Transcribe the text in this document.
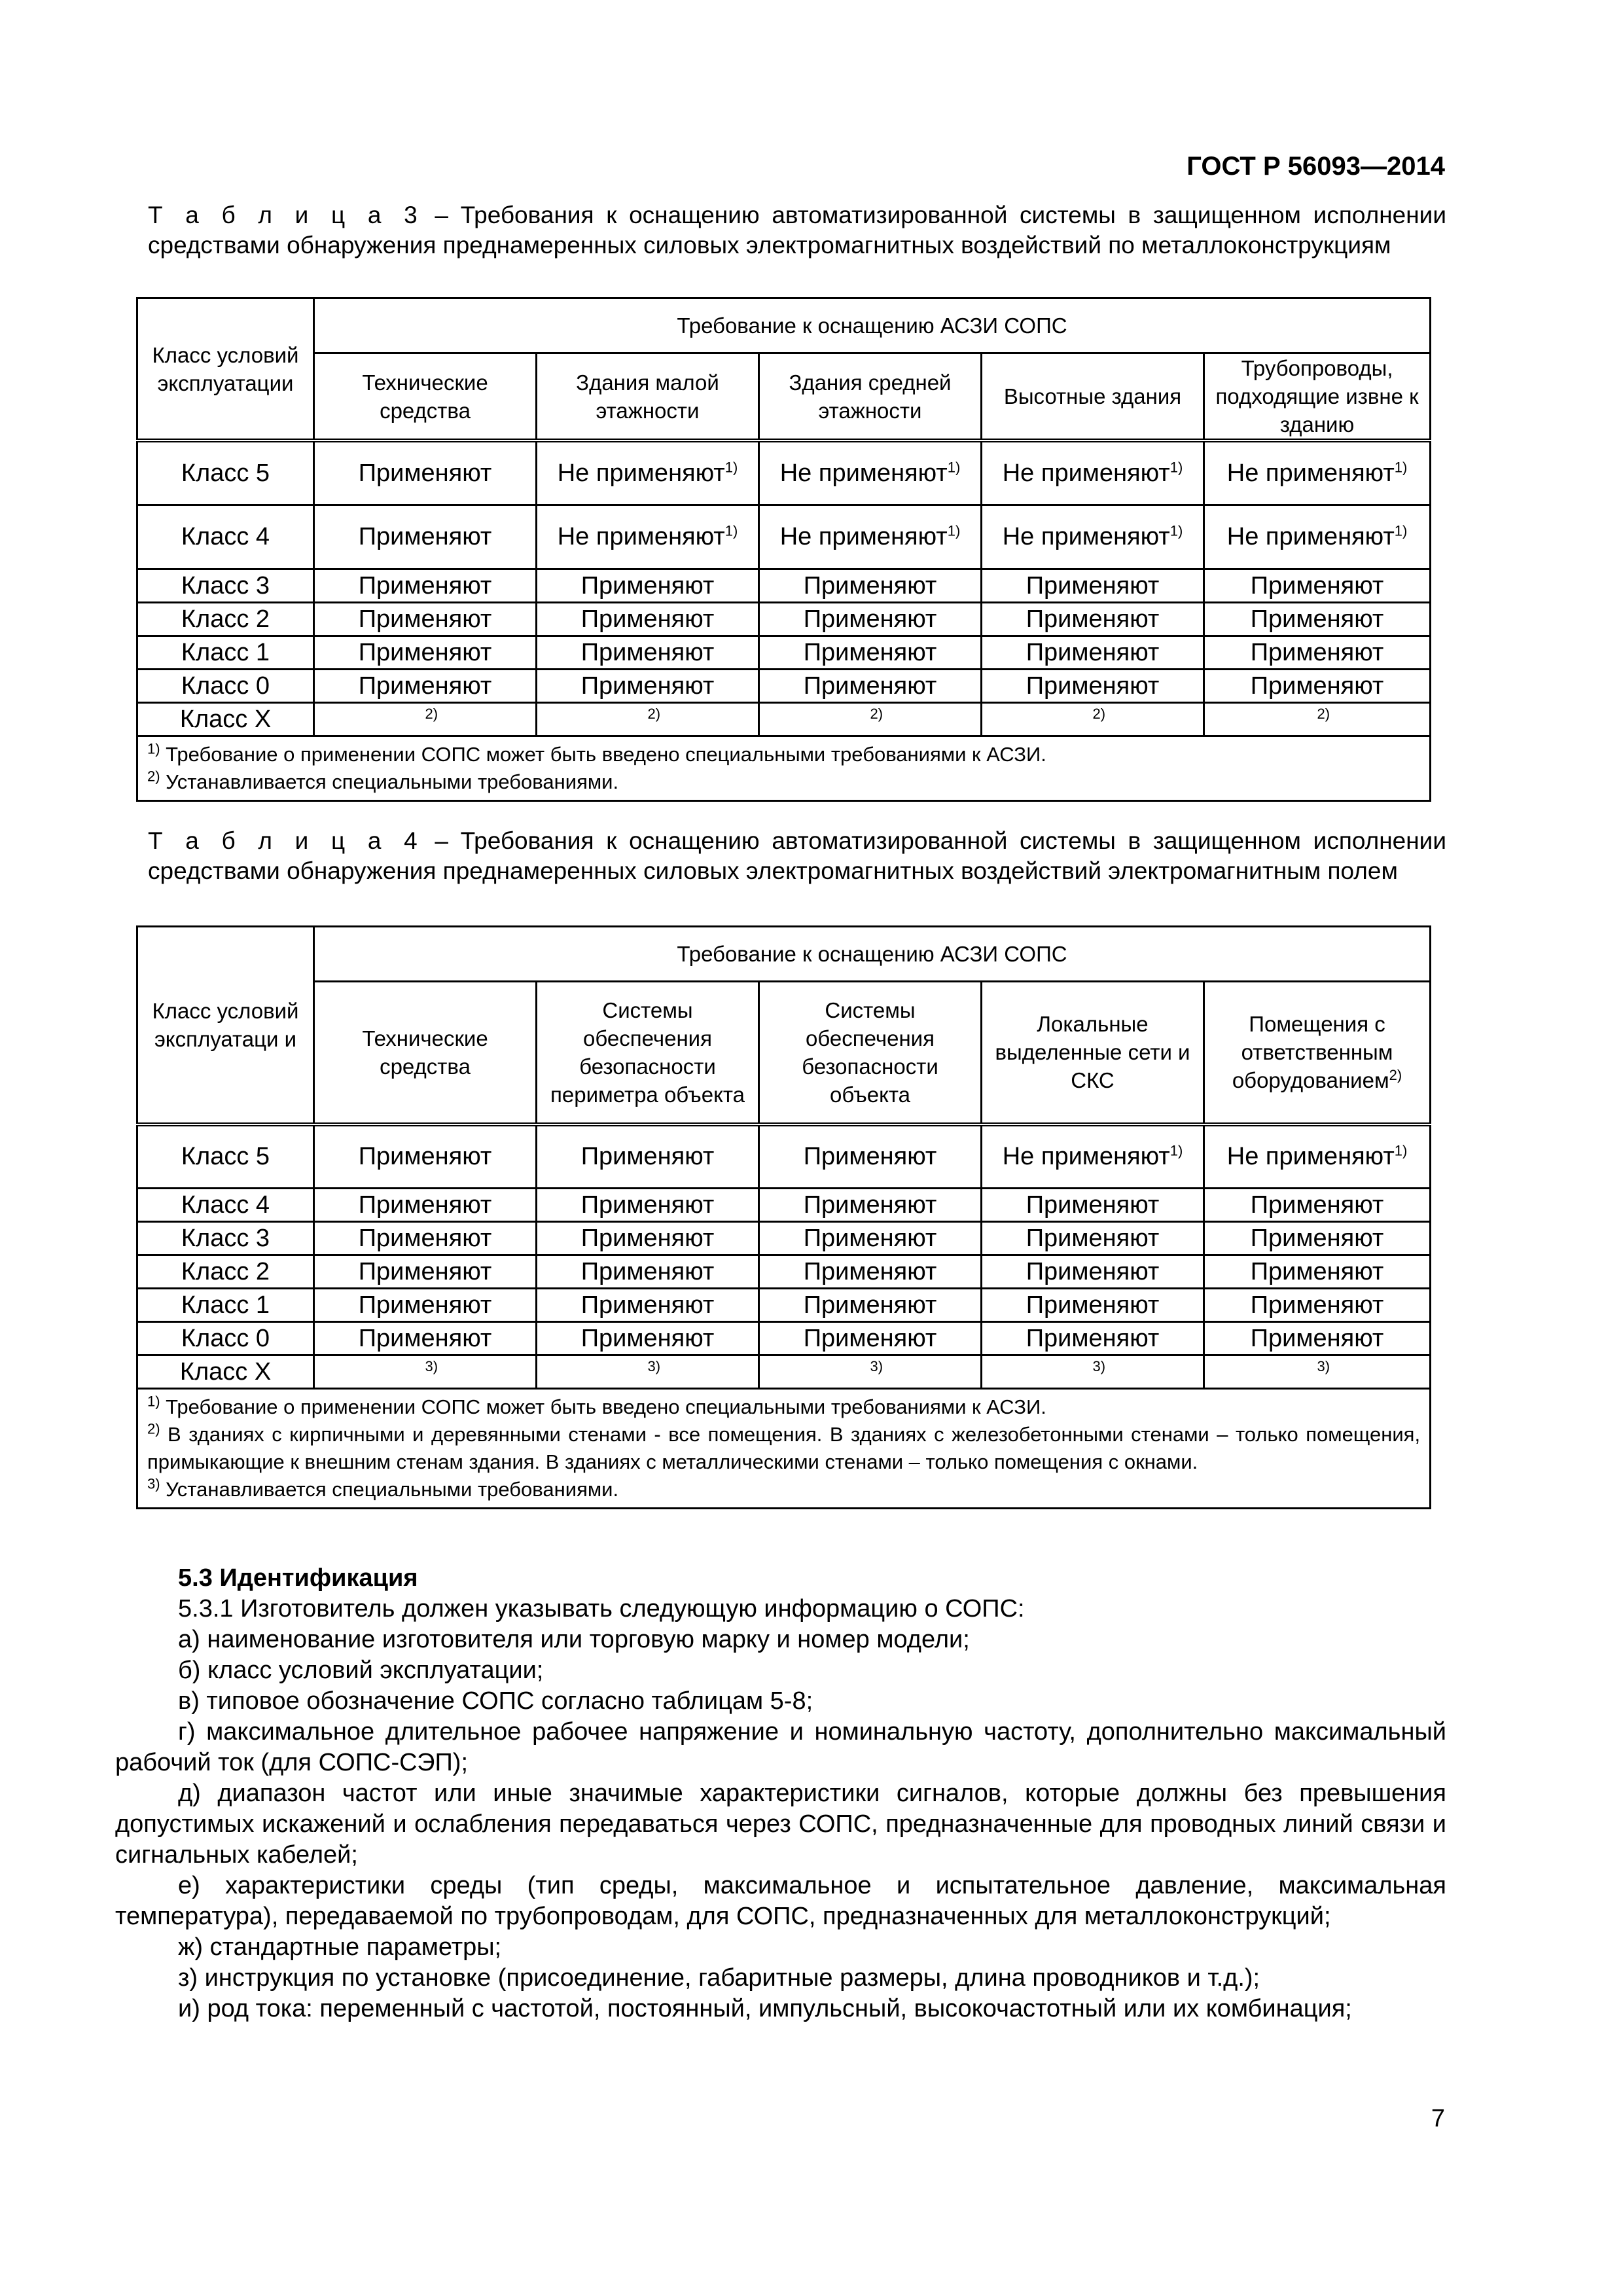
ГОСТ Р 56093—2014
Т а б л и ц а 3 – Требования к оснащению автоматизированной системы в защищенном исполнении средствами обнаружения преднамеренных силовых электромагнитных воздействий по металлоконструкциям
Класс условий эксплуатации	Требование к оснащению АСЗИ СОПС				
	Технические средства	Здания малой этажности	Здания средней этажности	Высотные здания	Трубопроводы, подходящие извне к зданию
Класс 5	Применяют	Не применяют$^{1)}$	Не применяют$^{1)}$	Не применяют$^{1)}$	Не применяют$^{1)}$
Класс 4	Применяют	Не применяют$^{1)}$	Не применяют$^{1)}$	Не применяют$^{1)}$	Не применяют$^{1)}$
Класс 3	Применяют	Применяют	Применяют	Применяют	Применяют
Класс 2	Применяют	Применяют	Применяют	Применяют	Применяют
Класс 1	Применяют	Применяют	Применяют	Применяют	Применяют
Класс 0	Применяют	Применяют	Применяют	Применяют	Применяют
Класс X	2)	2)	2)	2)	2)

$^{1)}$ Требование о применении СОПС может быть введено специальными требованиями к АСЗИ.
$^{2)}$ Устанавливается специальными требованиями.					
Т а б л и ц а 4 – Требования к оснащению автоматизированной системы в защищенном исполнении средствами обнаружения преднамеренных силовых электромагнитных воздействий электромагнитным полем
Класс условий эксплуатаци и	Требование к оснащению АСЗИ СОПС				
	Технические средства	Системы обеспечения безопасности периметра объекта	Системы обеспечения безопасности объекта	Локальные выделенные сети и СКС	Помещения с ответственным оборудованием$^{2)}$
Класс 5	Применяют	Применяют	Применяют	Не применяют$^{1)}$	Не применяют$^{1)}$
Класс 4	Применяют	Применяют	Применяют	Применяют	Применяют
Класс 3	Применяют	Применяют	Применяют	Применяют	Применяют
Класс 2	Применяют	Применяют	Применяют	Применяют	Применяют
Класс 1	Применяют	Применяют	Применяют	Применяют	Применяют
Класс 0	Применяют	Применяют	Применяют	Применяют	Применяют
Класс X	3)	3)	3)	3)	3)

$^{1)}$ Требование о применении СОПС может быть введено специальными требованиями к АСЗИ.
$^{2)}$ В зданиях с кирпичными и деревянными стенами - все помещения. В зданиях с железобетонными стенами – только помещения, примыкающие к внешним стенам здания. В зданиях с металлическими стенами – только помещения с окнами.
$^{3)}$ Устанавливается специальными требованиями.					

5.3 Идентификация

5.3.1 Изготовитель должен указывать следующую информацию о СОПС:

а) наименование изготовителя или торговую марку и номер модели;

б) класс условий эксплуатации;

в) типовое обозначение СОПС согласно таблицам 5-8;

г) максимальное длительное рабочее напряжение и номинальную частоту, дополнительно максимальный рабочий ток (для СОПС-СЭП);

д) диапазон частот или иные значимые характеристики сигналов, которые должны без превышения допустимых искажений и ослабления передаваться через СОПС, предназначенные для проводных линий связи и сигнальных кабелей;

е) характеристики среды (тип среды, максимальное и испытательное давление, максимальная температура), передаваемой по трубопроводам, для СОПС, предназначенных для металлоконструкций;

ж) стандартные параметры;

з) инструкция по установке (присоединение, габаритные размеры, длина проводников и т.д.);

и) род тока: переменный с частотой, постоянный, импульсный, высокочастотный или их комбинация;

7
